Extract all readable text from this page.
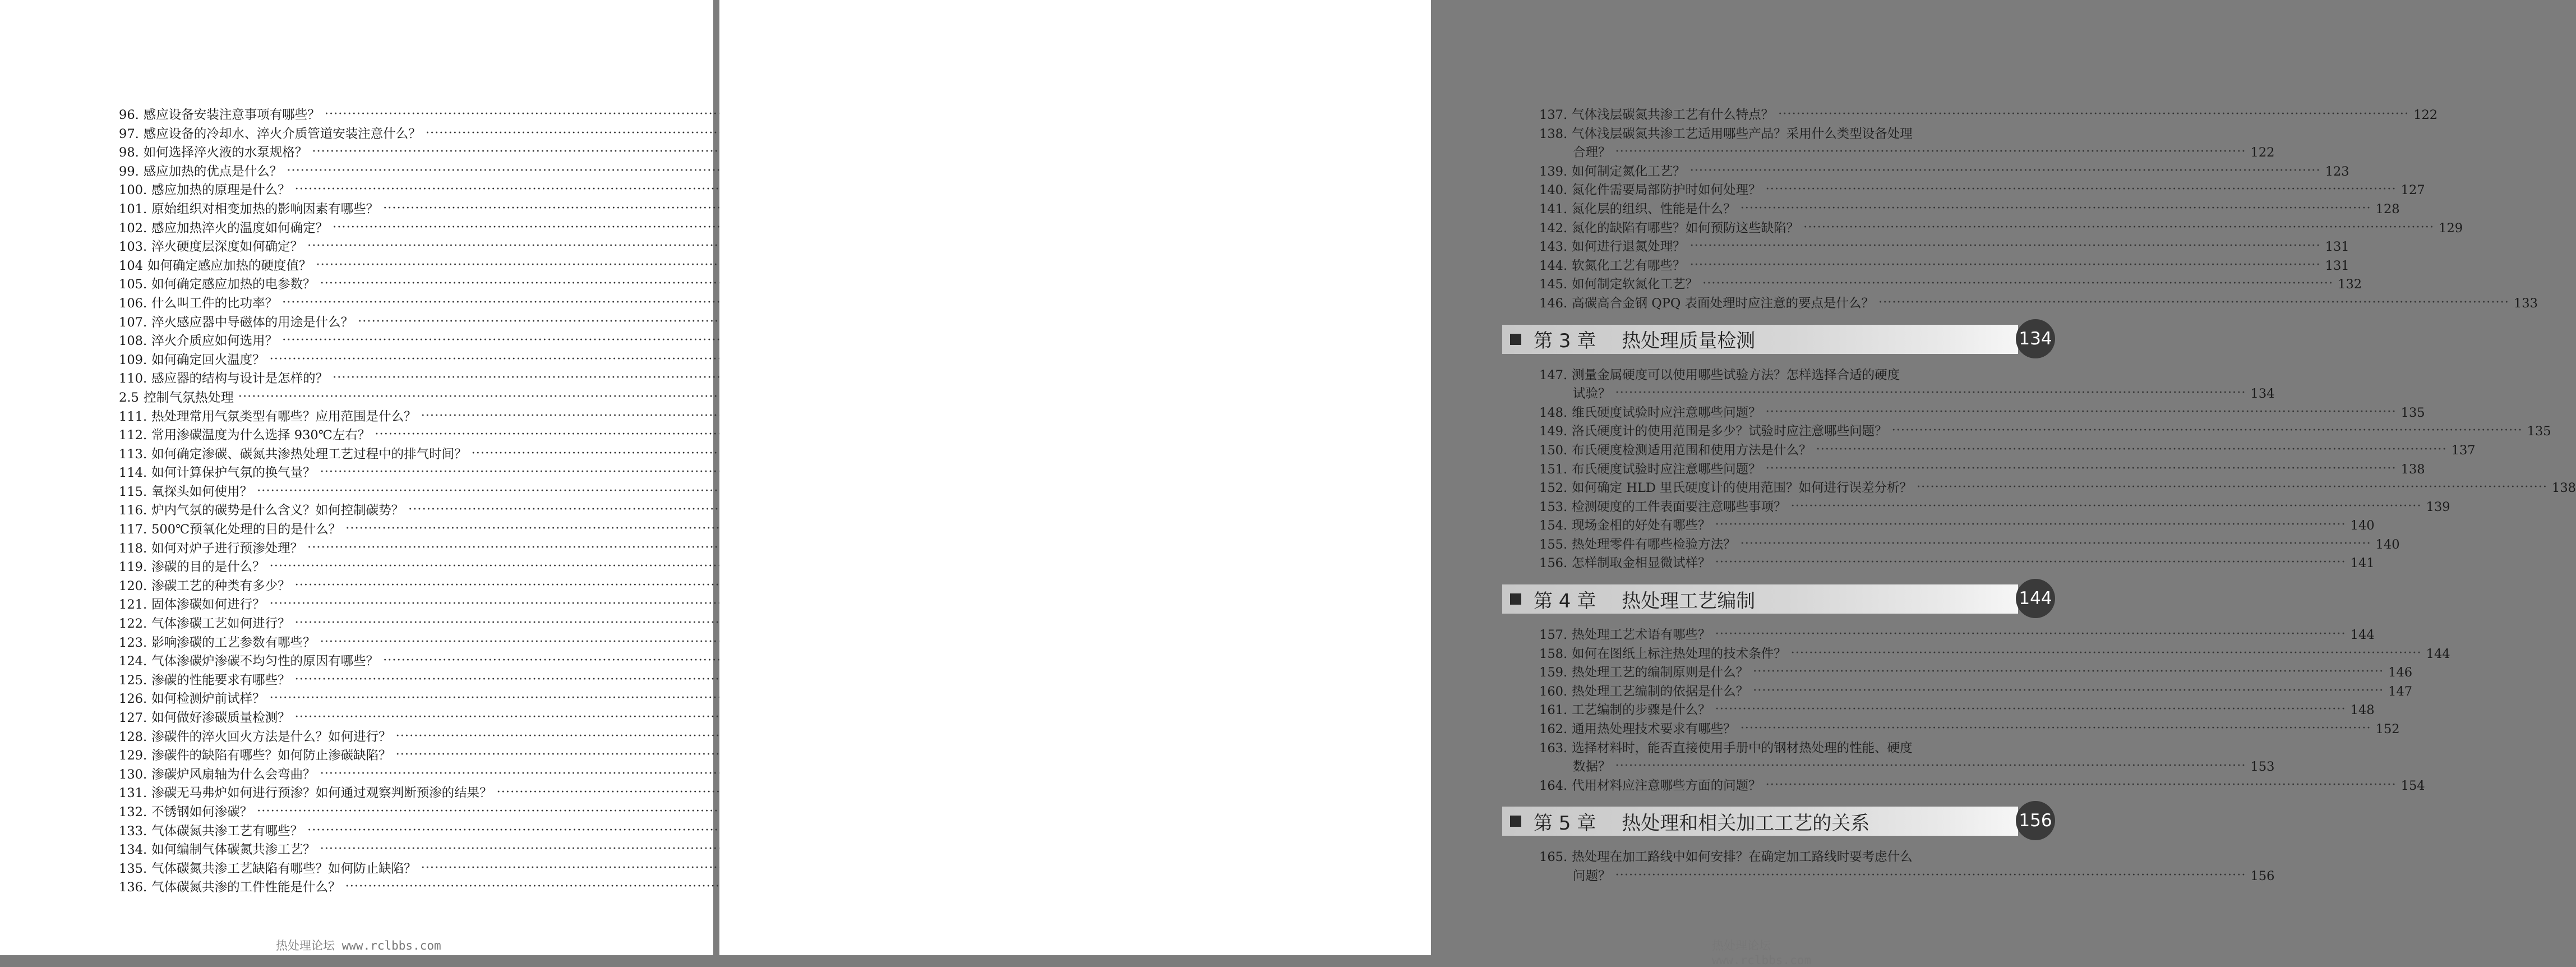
96. 感应设备安装注意事项有哪些？
·····
97. 感应设备的冷却水、淬火介质管道安装注意什么？
·····
98. 如何选择淬火液的水泵规格？
·····
99. 感应加热的优点是什么？
·····
100. 感应加热的原理是什么？
·····
101. 原始组织对相变加热的影响因素有哪些？
·····
102. 感应加热淬火的温度如何确定？
·····
103. 淬火硬度层深度如何确定？
·····
104 如何确定感应加热的硬度值？
·····
105. 如何确定感应加热的电参数？
·····
106. 什么叫工件的比功率？
·····
107. 淬火感应器中导磁体的用途是什么？
·····
108. 淬火介质应如何选用？
·····
109. 如何确定回火温度？
·····
110. 感应器的结构与设计是怎样的？
·····
2.5 控制气氛热处理
·····
111. 热处理常用气氛类型有哪些？应用范围是什么？
·····
112. 常用渗碳温度为什么选择 930℃左右？
·····
113. 如何确定渗碳、碳氮共渗热处理工艺过程中的排气时间？
·····
114. 如何计算保护气氛的换气量？
·····
115. 氧探头如何使用？
·····
116. 炉内气氛的碳势是什么含义？如何控制碳势？
·····
117. 500℃预氧化处理的目的是什么？
·····
118. 如何对炉子进行预渗处理？
·····
119. 渗碳的目的是什么？
·····
120. 渗碳工艺的种类有多少？
·····
121. 固体渗碳如何进行？
·····
122. 气体渗碳工艺如何进行？
·····
123. 影响渗碳的工艺参数有哪些？
·····
124. 气体渗碳炉渗碳不均匀性的原因有哪些？
·····
125. 渗碳的性能要求有哪些？
·····
126. 如何检测炉前试样？
·····
127. 如何做好渗碳质量检测？
·····
128. 渗碳件的淬火回火方法是什么？如何进行？
·····
129. 渗碳件的缺陷有哪些？如何防止渗碳缺陷？
·····
130. 渗碳炉风扇轴为什么会弯曲？
·····
131. 渗碳无马弗炉如何进行预渗？如何通过观察判断预渗的结果？
·····
132. 不锈钢如何渗碳？
·····
133. 气体碳氮共渗工艺有哪些？
·····
134. 如何编制气体碳氮共渗工艺？
·····
135. 气体碳氮共渗工艺缺陷有哪些？如何防止缺陷？
·····
136. 气体碳氮共渗的工件性能是什么？
·····
热处理论坛 www.rclbbs.com
137. 气体浅层碳氮共渗工艺有什么特点？ ·····	122
138. 气体浅层碳氮共渗工艺适用哪些产品？采用什么类型设备处理
合理？ ·····	122
139. 如何制定氮化工艺？ ·····	123
140. 氮化件需要局部防护时如何处理？ ·····	127
141. 氮化层的组织、性能是什么？ ·····	128
142. 氮化的缺陷有哪些？如何预防这些缺陷？ ·····	129
143. 如何进行退氮处理？ ·····	131
144. 软氮化工艺有哪些？ ·····	131
145. 如何制定软氮化工艺？ ·····	132
146. 高碳高合金钢 QPQ 表面处理时应注意的要点是什么？ ·····	133
第 3 章 热处理质量检测	134
147. 测量金属硬度可以使用哪些试验方法？怎样选择合适的硬度
试验？ ·····	134
148. 维氏硬度试验时应注意哪些问题？ ·····	135
149. 洛氏硬度计的使用范围是多少？试验时应注意哪些问题？ ·····	135
150. 布氏硬度检测适用范围和使用方法是什么？ ·····	137
151. 布氏硬度试验时应注意哪些问题？ ·····	138
152. 如何确定 HLD 里氏硬度计的使用范围？如何进行误差分析？ ·····	138
153. 检测硬度的工件表面要注意哪些事项？ ·····	139
154. 现场金相的好处有哪些？ ·····	140
155. 热处理零件有哪些检验方法？ ·····	140
156. 怎样制取金相显微试样？ ·····	141
第 4 章 热处理工艺编制	144
157. 热处理工艺术语有哪些？ ·····	144
158. 如何在图纸上标注热处理的技术条件？ ·····	144
159. 热处理工艺的编制原则是什么？ ·····	146
160. 热处理工艺编制的依据是什么？ ·····	147
161. 工艺编制的步骤是什么？ ·····	148
162. 通用热处理技术要求有哪些？ ·····	152
163. 选择材料时，能否直接使用手册中的钢材热处理的性能、硬度
数据？ ·····	153
164. 代用材料应注意哪些方面的问题？ ·····	154
第 5 章 热处理和相关加工工艺的关系	156
165. 热处理在加工路线中如何安排？在确定加工路线时要考虑什么
问题？ ·····	156
热处理论坛 www.rclbbs.com
